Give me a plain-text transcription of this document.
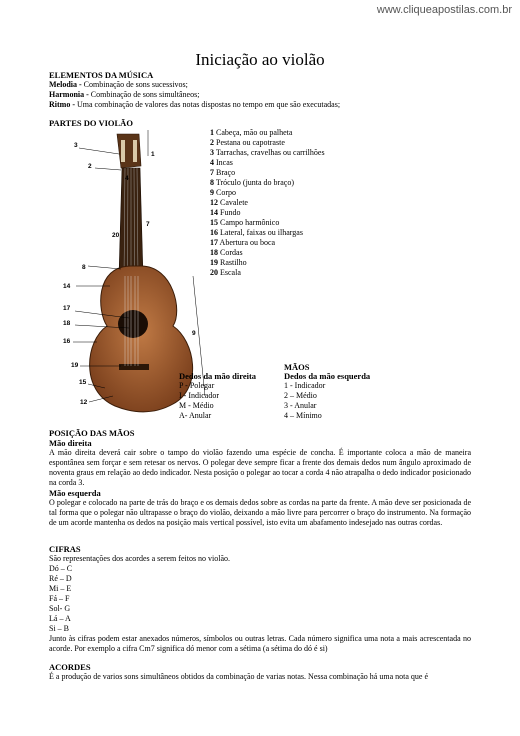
www.cliqueapostilas.com.br
Iniciação ao violão
ELEMENTOS DA MÚSICA
Melodia - Combinação de sons sucessivos;
Harmonia - Combinação de sons simultâneos;
Ritmo - Uma combinação de valores das notas dispostas no tempo em que são executadas;
PARTES DO VIOLÃO
3
2
1
4
7
20
8
14
17
18
16
19
15
12
9
1 Cabeça, mão ou palheta
2 Pestana ou capotraste
3 Tarrachas, cravelhas ou carrilhões
4 Incas
7 Braço
8 Tróculo (junta do braço)
9 Corpo
12 Cavalete
14 Fundo
15 Campo harmônico
16 Lateral, faixas ou ilhargas
17 Abertura ou boca
18 Cordas
19 Rastilho
20 Escala
MÃOS
Dedos da mão direita
P - Polegar
I - Indicador
M - Médio
A- Anular
Dedos da mão esquerda
1 - Indicador
2 – Médio
3 - Anular
4 – Mínimo
POSIÇÃO DAS MÃOS
Mão direita
A mão direita deverá cair sobre o tampo do violão fazendo uma espécie de concha. É importante coloca a mão de maneira espontânea sem forçar e sem retesar os nervos. O polegar deve sempre ficar a frente dos demais dedos num ângulo aproximado de noventa graus em relação ao dedo indicador. Nesta posição o polegar ao tocar a corda 4 não atrapalha o dedo indicador posicionado na corda 3.
Mão esquerda
O polegar e colocado na parte de trás do braço e os demais dedos sobre as cordas na parte da frente. A mão deve ser posicionada de tal forma que o polegar não ultrapasse o braço do violão, deixando a mão livre para percorrer o braço do instrumento. Na formação de um acorde mantenha os dedos na posição mais vertical possível, isto evita um abafamento indesejado nas outras cordas.
CIFRAS
São representações dos acordes a serem feitos no violão.
Dó – C
Ré – D
Mi – E
Fá – F
Sol- G
Lá – A
Si – B
Junto às cifras podem estar anexados números, símbolos ou outras letras. Cada número significa uma nota a mais acrescentada no acorde. Por exemplo a cifra Cm7 significa dó menor com a sétima (a sétima do dó é si)
ACORDES
É a produção de varios sons simultâneos obtidos da combinação de varias notas. Nessa combinação há uma nota que é
